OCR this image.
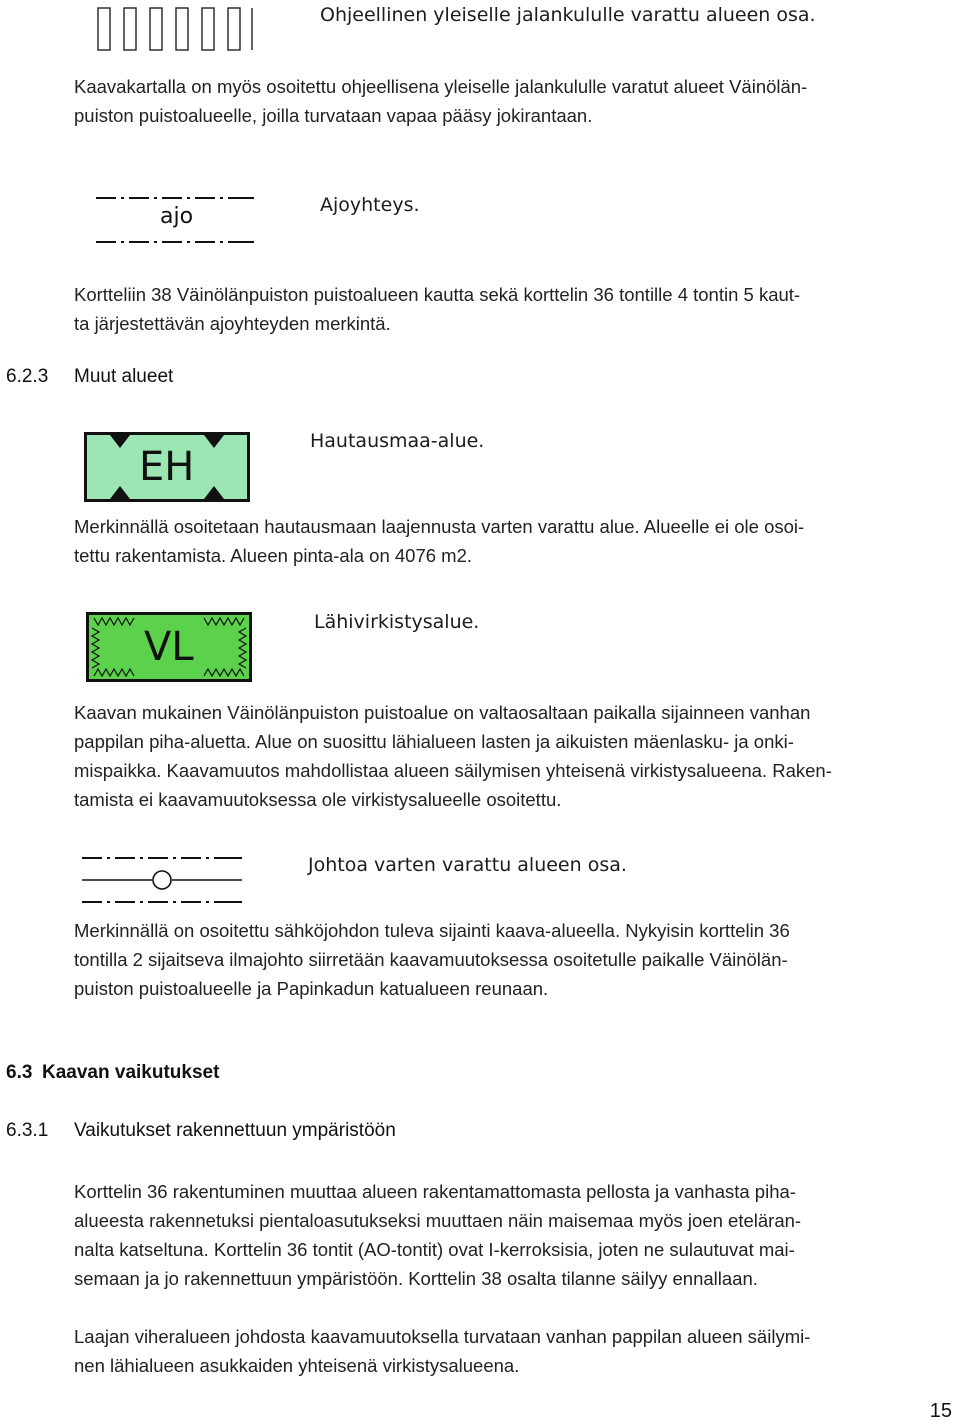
Ohjeellinen yleiselle jalankululle varattu alueen osa.
Kaavakartalla on myös osoitettu ohjeellisena yleiselle jalankululle varatut alueet Väinölän-
puiston puistoalueelle, joilla turvataan vapaa pääsy jokirantaan.
ajo	Ajoyhteys.
Kortteliin 38 Väinölänpuiston puistoalueen kautta sekä korttelin 36 tontille 4 tontin 5 kaut-
ta järjestettävän ajoyhteyden merkintä.
6.2.3 Muut alueet
EH
Hautausmaa-alue.
Merkinnällä osoitetaan hautausmaan laajennusta varten varattu alue. Alueelle ei ole osoi-
tettu rakentamista. Alueen pinta-ala on 4076 m2.
VL
Lähivirkistysalue.
Kaavan mukainen Väinölänpuiston puistoalue on valtaosaltaan paikalla sijainneen vanhan
pappilan piha-aluetta. Alue on suosittu lähialueen lasten ja aikuisten mäenlasku- ja onki-
mispaikka. Kaavamuutos mahdollistaa alueen säilymisen yhteisenä virkistysalueena. Raken-
tamista ei kaavamuutoksessa ole virkistysalueelle osoitettu.
Johtoa varten varattu alueen osa.
Merkinnällä on osoitettu sähköjohdon tuleva sijainti kaava-alueella. Nykyisin korttelin 36
tontilla 2 sijaitseva ilmajohto siirretään kaavamuutoksessa osoitetulle paikalle Väinölän-
puiston puistoalueelle ja Papinkadun katualueen reunaan.
6.3 Kaavan vaikutukset
6.3.1 Vaikutukset rakennettuun ympäristöön
Korttelin 36 rakentuminen muuttaa alueen rakentamattomasta pellosta ja vanhasta piha-
alueesta rakennetuksi pientaloasutukseksi muuttaen näin maisemaa myös joen eteläran-
nalta katseltuna. Korttelin 36 tontit (AO-tontit) ovat I-kerroksisia, joten ne sulautuvat mai-
semaan ja jo rakennettuun ympäristöön. Korttelin 38 osalta tilanne säilyy ennallaan.
Laajan viheralueen johdosta kaavamuutoksella turvataan vanhan pappilan alueen säilymi-
nen lähialueen asukkaiden yhteisenä virkistysalueena.
15
